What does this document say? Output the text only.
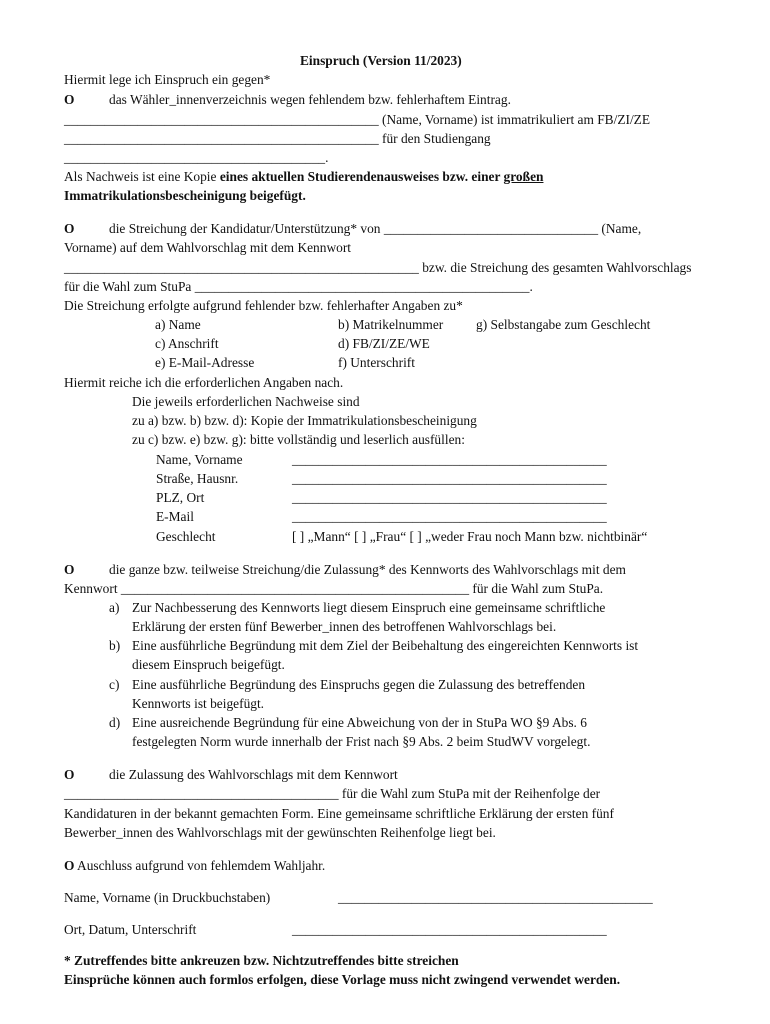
Einspruch (Version 11/2023)
Hiermit lege ich Einspruch ein gegen*
O	das Wähler_innenverzeichnis wegen fehlendem bzw. fehlerhaftem Eintrag.
_______________________________________________ (Name, Vorname) ist immatrikuliert am FB/ZI/ZE
_______________________________________________ für den Studiengang
_______________________________________.
Als Nachweis ist eine Kopie eines aktuellen Studierendenausweises bzw. einer großen
Immatrikulationsbescheinigung beigefügt.
O	die Streichung der Kandidatur/Unterstützung* von ________________________________ (Name,
Vorname) auf dem Wahlvorschlag mit dem Kennwort
_____________________________________________________ bzw. die Streichung des gesamten Wahlvorschlags
für die Wahl zum StuPa __________________________________________________.
Die Streichung erfolgte aufgrund fehlender bzw. fehlerhafter Angaben zu*
a) Name	b) Matrikelnummer g) Selbstangabe zum Geschlecht
c) Anschrift	d) FB/ZI/ZE/WE
e) E-Mail-Adresse	f) Unterschrift
Hiermit reiche ich die erforderlichen Angaben nach.
Die jeweils erforderlichen Nachweise sind
zu a) bzw. b) bzw. d): Kopie der Immatrikulationsbescheinigung
zu c) bzw. e) bzw. g): bitte vollständig und leserlich ausfüllen:
Name, Vorname	_______________________________________________
Straße, Hausnr.	_______________________________________________
PLZ, Ort	_______________________________________________
E-Mail	_______________________________________________
Geschlecht	[ ] „Mann“ [ ] „Frau“ [ ] „weder Frau noch Mann bzw. nichtbinär“
O	die ganze bzw. teilweise Streichung/die Zulassung* des Kennworts des Wahlvorschlags mit dem
Kennwort ____________________________________________________ für die Wahl zum StuPa.
a) Zur Nachbesserung des Kennworts liegt diesem Einspruch eine gemeinsame schriftliche
Erklärung der ersten fünf Bewerber_innen des betroffenen Wahlvorschlags bei.
b) Eine ausführliche Begründung mit dem Ziel der Beibehaltung des eingereichten Kennworts ist
diesem Einspruch beigefügt.
c) Eine ausführliche Begründung des Einspruchs gegen die Zulassung des betreffenden
Kennworts ist beigefügt.
d) Eine ausreichende Begründung für eine Abweichung von der in StuPa WO §9 Abs. 6
festgelegten Norm wurde innerhalb der Frist nach §9 Abs. 2 beim StudWV vorgelegt.
O	die Zulassung des Wahlvorschlags mit dem Kennwort
_________________________________________ für die Wahl zum StuPa mit der Reihenfolge der
Kandidaturen in der bekannt gemachten Form. Eine gemeinsame schriftliche Erklärung der ersten fünf
Bewerber_innen des Wahlvorschlags mit der gewünschten Reihenfolge liegt bei.
O Auschluss aufgrund von fehlemdem Wahljahr.
Name, Vorname (in Druckbuchstaben)	_______________________________________________
Ort, Datum, Unterschrift	_______________________________________________
* Zutreffendes bitte ankreuzen bzw. Nichtzutreffendes bitte streichen
Einsprüche können auch formlos erfolgen, diese Vorlage muss nicht zwingend verwendet werden.
